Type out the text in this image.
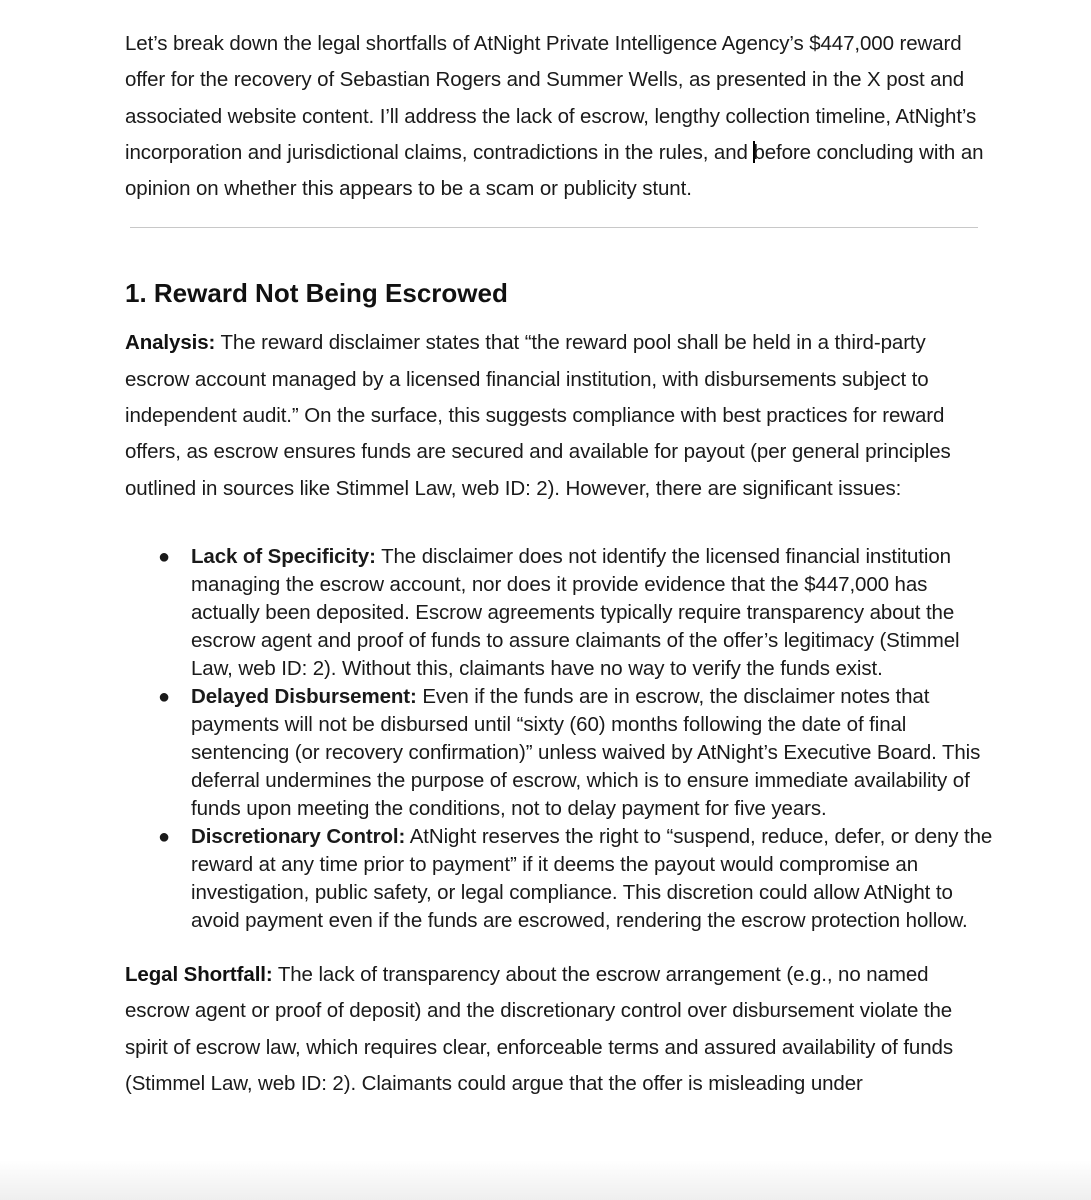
Let’s break down the legal shortfalls of AtNight Private Intelligence Agency’s $447,000 reward offer for the recovery of Sebastian Rogers and Summer Wells, as presented in the X post and associated website content. I’ll address the lack of escrow, lengthy collection timeline, AtNight’s incorporation and jurisdictional claims, contradictions in the rules, and before concluding with an opinion on whether this appears to be a scam or publicity stunt.

1. Reward Not Being Escrowed

Analysis: The reward disclaimer states that “the reward pool shall be held in a third-party escrow account managed by a licensed financial institution, with disbursements subject to independent audit.” On the surface, this suggests compliance with best practices for reward offers, as escrow ensures funds are secured and available for payout (per general principles outlined in sources like Stimmel Law, web ID: 2). However, there are significant issues:

● Lack of Specificity: The disclaimer does not identify the licensed financial institution managing the escrow account, nor does it provide evidence that the $447,000 has actually been deposited. Escrow agreements typically require transparency about the escrow agent and proof of funds to assure claimants of the offer’s legitimacy (Stimmel Law, web ID: 2). Without this, claimants have no way to verify the funds exist.
● Delayed Disbursement: Even if the funds are in escrow, the disclaimer notes that payments will not be disbursed until “sixty (60) months following the date of final sentencing (or recovery confirmation)” unless waived by AtNight’s Executive Board. This deferral undermines the purpose of escrow, which is to ensure immediate availability of funds upon meeting the conditions, not to delay payment for five years.
● Discretionary Control: AtNight reserves the right to “suspend, reduce, defer, or deny the reward at any time prior to payment” if it deems the payout would compromise an investigation, public safety, or legal compliance. This discretion could allow AtNight to avoid payment even if the funds are escrowed, rendering the escrow protection hollow.

Legal Shortfall: The lack of transparency about the escrow arrangement (e.g., no named escrow agent or proof of deposit) and the discretionary control over disbursement violate the spirit of escrow law, which requires clear, enforceable terms and assured availability of funds (Stimmel Law, web ID: 2). Claimants could argue that the offer is misleading under
